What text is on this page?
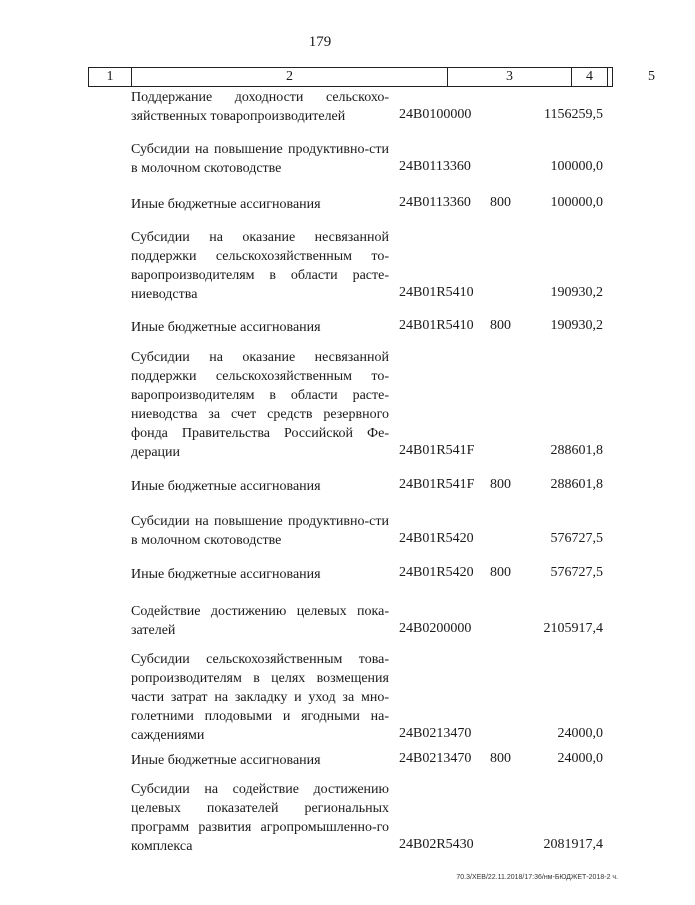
179
1	2	3	4	5
Поддержание доходности сельскохо-зяйственных товаропроизводителей	24В0100000	1156259,5
Субсидии на повышение продуктивно-сти в молочном скотоводстве	24В0113360	100000,0
Иные бюджетные ассигнования	24В0113360 800	100000,0
Субсидии на оказание несвязанной поддержки сельскохозяйственным то-варопроизводителям в области расте-ниеводства	24В01R5410	190930,2
Иные бюджетные ассигнования	24В01R5410 800	190930,2
Субсидии на оказание несвязанной поддержки сельскохозяйственным то-варопроизводителям в области расте-ниеводства за счет средств резервного фонда Правительства Российской Фе-дерации	24В01R541F	288601,8
Иные бюджетные ассигнования	24В01R541F 800	288601,8
Субсидии на повышение продуктивно-сти в молочном скотоводстве	24В01R5420	576727,5
Иные бюджетные ассигнования	24В01R5420 800	576727,5
Содействие достижению целевых пока-зателей	24В0200000	2105917,4
Субсидии сельскохозяйственным това-ропроизводителям в целях возмещения части затрат на закладку и уход за мно-голетними плодовыми и ягодными на-саждениями	24В0213470	24000,0
Иные бюджетные ассигнования	24В0213470 800	24000,0
Субсидии на содействие достижению целевых показателей региональных программ развития агропромышленно-го комплекса	24В02R5430	2081917,4
70.3/ХЕВ/22.11.2018/17:36/нм-БЮДЖЕТ-2018-2 ч.
